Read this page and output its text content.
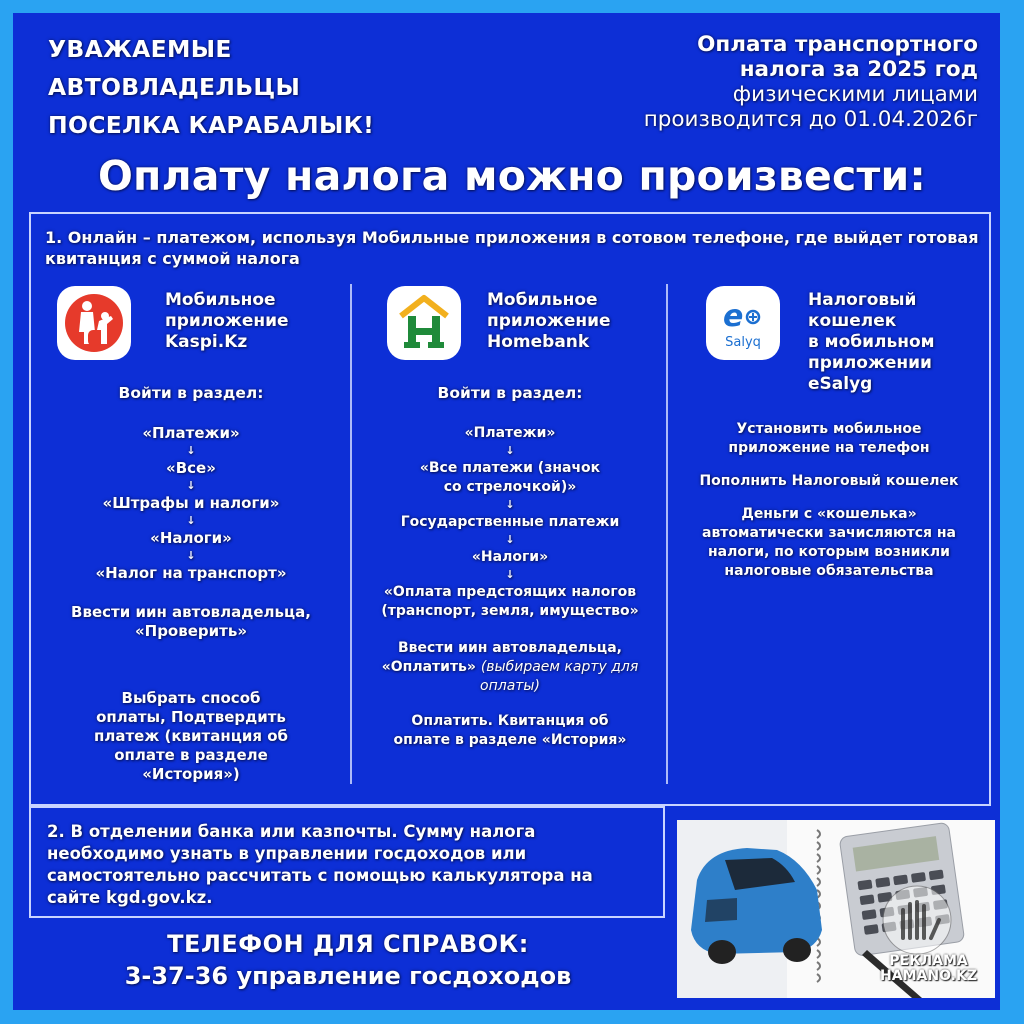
УВАЖАЕМЫЕ
АВТОВЛАДЕЛЬЦЫ
ПОСЕЛКА КАРАБАЛЫК!
Оплата транспортного
налога за 2025 год
физическими лицами
производится до 01.04.2026г
Оплату налога можно произвести:
1. Онлайн – платежом, используя Мобильные приложения в сотовом телефоне, где выйдет готовая квитанция с суммой налога
Мобильное
приложение
Kaspi.Kz
Войти в раздел:
«Платежи»
↓
«Все»
↓
«Штрафы и налоги»
↓
«Налоги»
↓
«Налог на транспорт»
Ввести иин автовладельца, «Проверить»
Выбрать способ оплаты, Подтвердить платеж (квитанция об оплате в разделе «История»)
Мобильное
приложение
Homebank
Войти в раздел:
«Платежи»
↓
«Все платежи (значок со стрелочкой)»
↓
Государственные платежи
↓
«Налоги»
↓
«Оплата предстоящих налогов (транспорт, земля, имущество»
Ввести иин автовладельца, «Оплатить» (выбираем карту для оплаты)
Оплатить. Квитанция об оплате в разделе «История»
e
Salyq
Налоговый
кошелек
в мобильном
приложении
eSalyg
Установить мобильное приложение на телефон
Пополнить Налоговый кошелек
Деньги с «кошелька» автоматически зачисляются на налоги, по которым возникли налоговые обязательства
2. В отделении банка или казпочты. Сумму налога необходимо узнать в управлении госдоходов или самостоятельно рассчитать с помощью калькулятора на сайте kgd.gov.kz.
ТЕЛЕФОН ДЛЯ СПРАВОК:
3-37-36 управление госдоходов
РЕКЛАМА
HAMANO.KZ
